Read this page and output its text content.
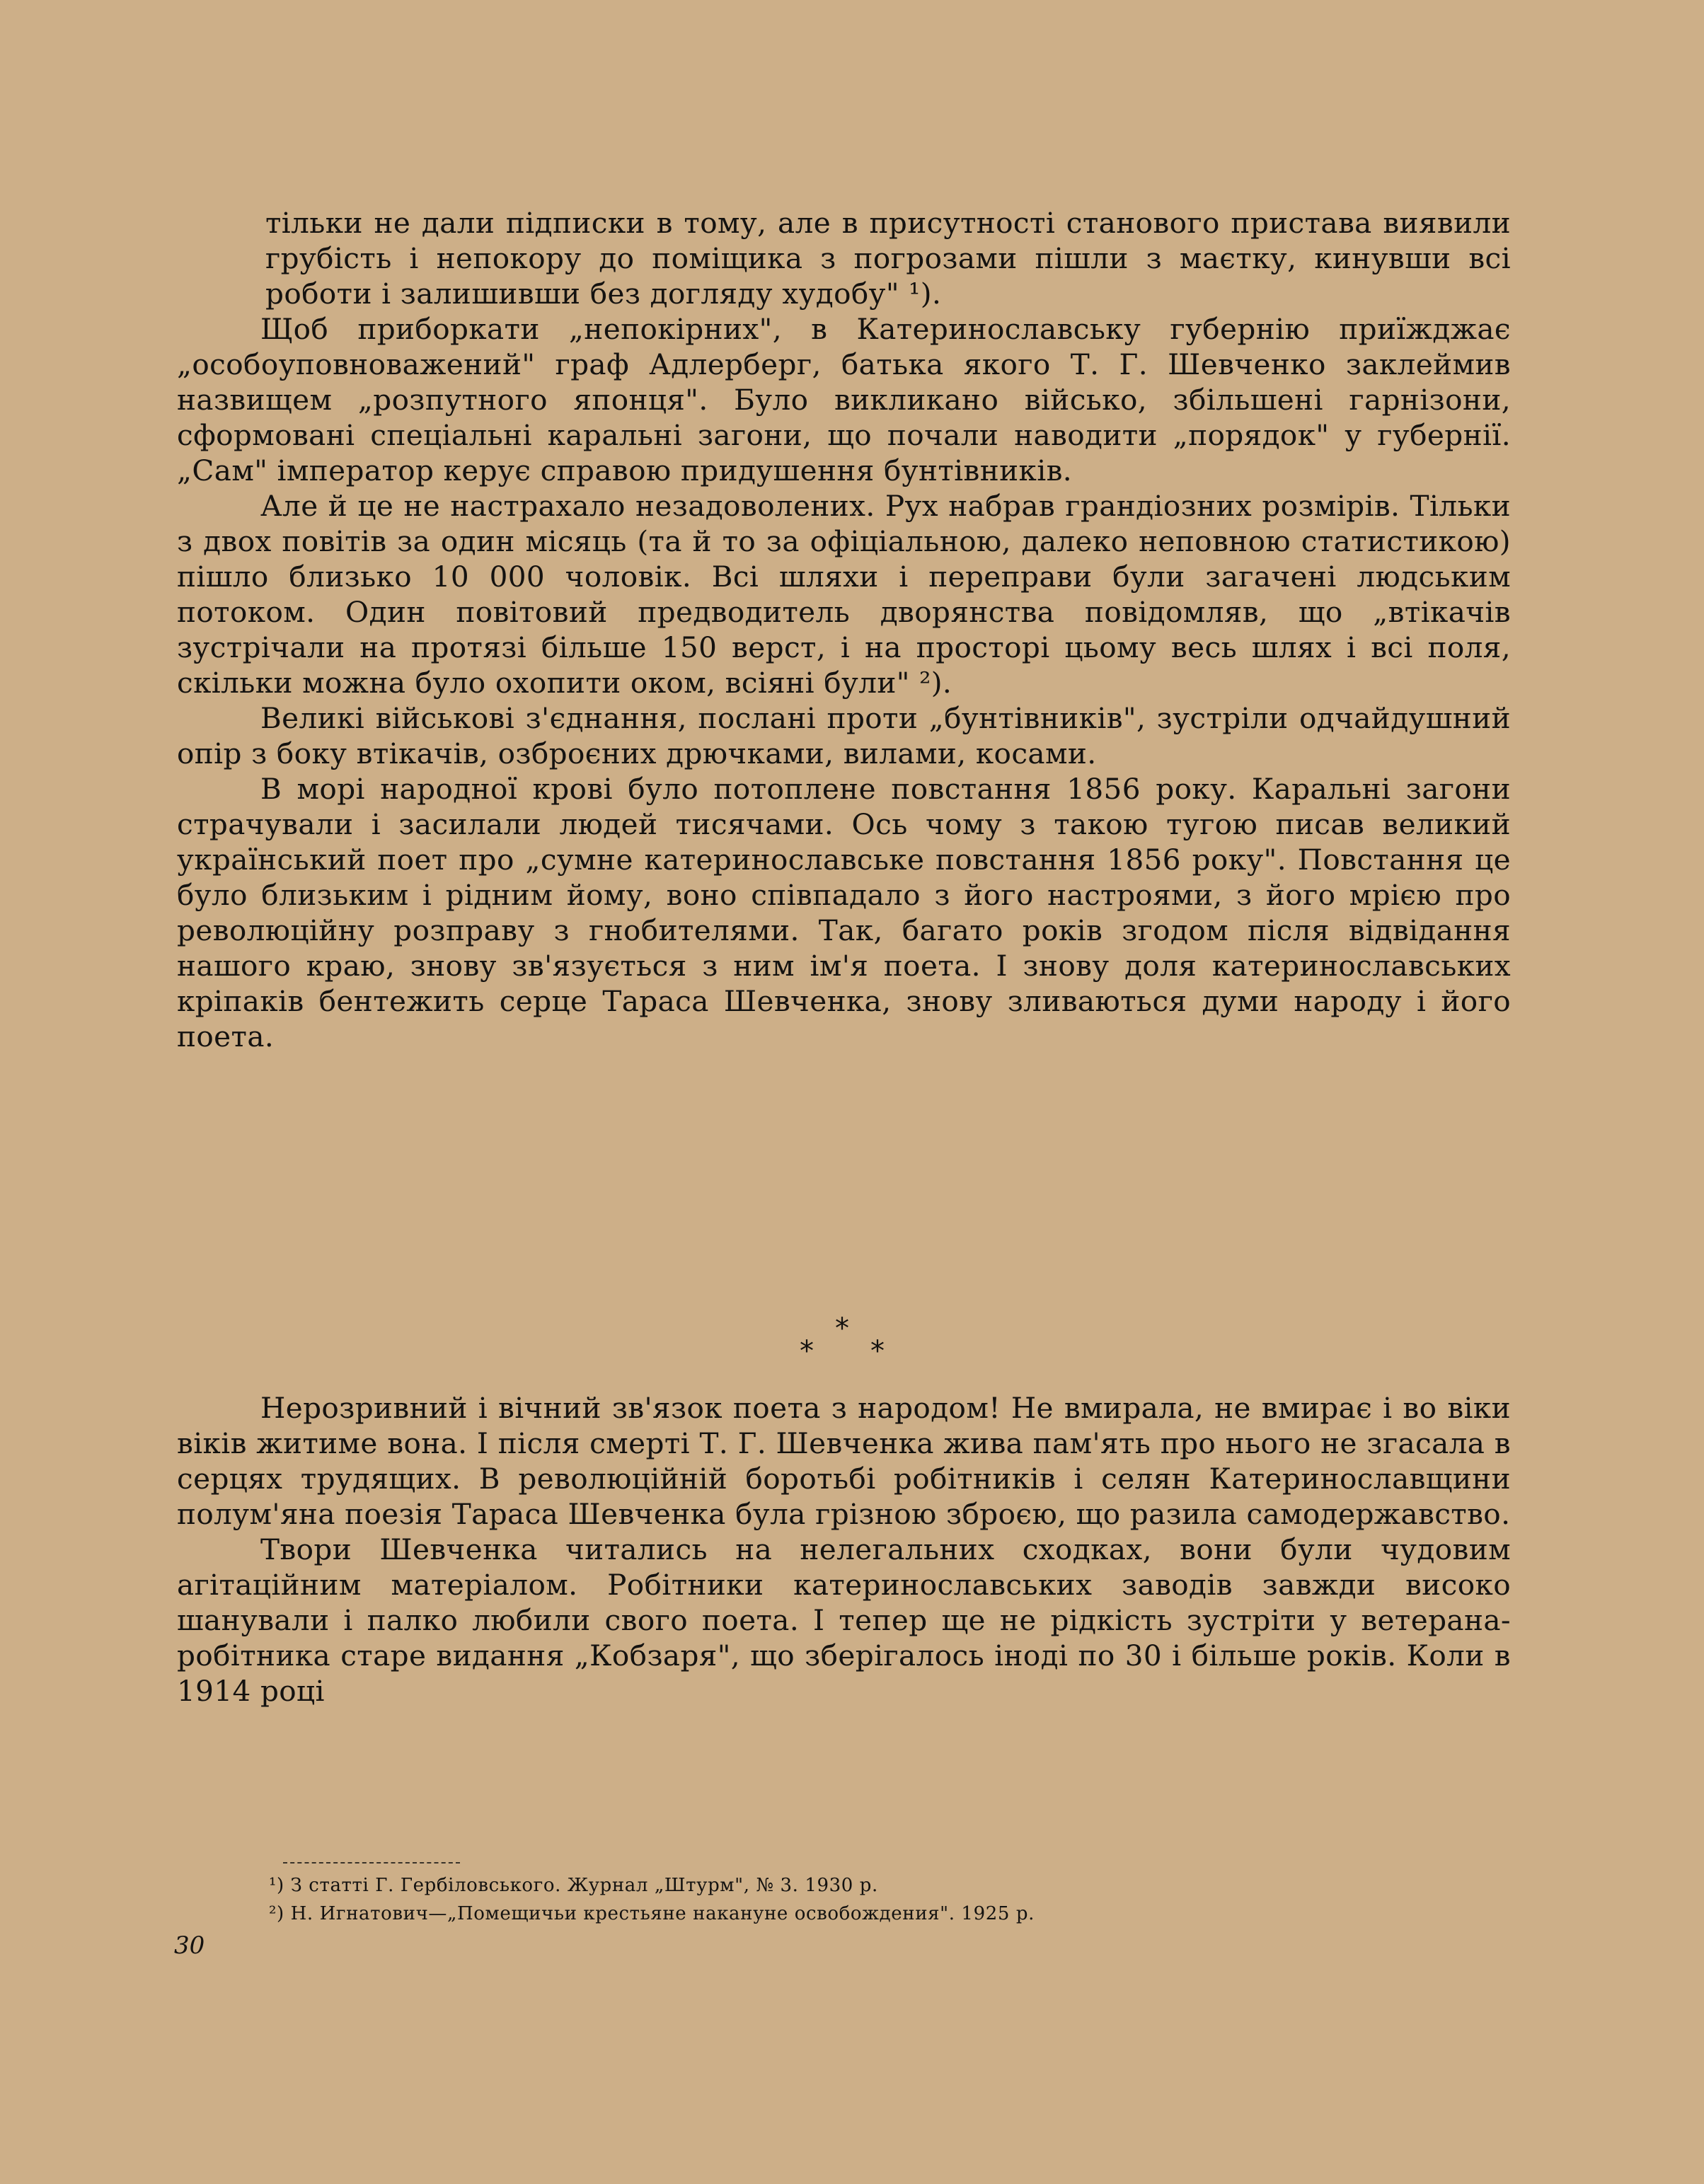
тільки не дали підписки в тому, але в присутності станового пристава виявили грубість і непокору до поміщика з погрозами пішли з маєтку, кинувши всі роботи і залишивши без догляду худобу" ¹).

Щоб приборкати „непокірних", в Катеринославську губернію приїжджає „особоуповноважений" граф Адлерберг, батька якого Т. Г. Шевченко заклеймив назвищем „розпутного японця". Було викликано військо, збільшені гарнізони, сформовані спеціальні каральні загони, що почали наводити „порядок" у губернії. „Сам" імператор керує справою придушення бунтівників.

Але й це не настрахало незадоволених. Рух набрав грандіозних розмірів. Тільки з двох повітів за один місяць (та й то за офіціальною, далеко неповною статистикою) пішло близько 10 000 чоловік. Всі шляхи і переправи були загачені людським потоком. Один повітовий предводитель дворянства повідомляв, що „втікачів зустрічали на протязі більше 150 верст, і на просторі цьому весь шлях і всі поля, скільки можна було охопити оком, всіяні були" ²).

Великі військові з'єднання, послані проти „бунтівників", зустріли одчайдушний опір з боку втікачів, озброєних дрючками, вилами, косами.

В морі народної крові було потоплене повстання 1856 року. Каральні загони страчували і засилали людей тисячами. Ось чому з такою тугою писав великий український поет про „сумне катеринославське повстання 1856 року". Повстання це було близьким і рідним йому, воно співпадало з його настроями, з його мрією про революційну розправу з гнобителями. Так, багато років згодом після відвідання нашого краю, знову зв'язується з ним ім'я поета. І знову доля катеринославських кріпаків бентежить серце Тараса Шевченка, знову зливаються думи народу і його поета.

*
* *

Нерозривний і вічний зв'язок поета з народом! Не вмирала, не вмирає і во віки віків житиме вона. І після смерті Т. Г. Шевченка жива пам'ять про нього не згасала в серцях трудящих. В революційній боротьбі робітників і селян Катеринославщини полум'яна поезія Тараса Шевченка була грізною зброєю, що разила самодержавство.

Твори Шевченка читались на нелегальних сходках, вони були чудовим агітаційним матеріалом. Робітники катеринославських заводів завжди високо шанували і палко любили свого поета. І тепер ще не рідкість зустріти у ветерана-робітника старе видання „Кобзаря", що зберігалось іноді по 30 і більше років. Коли в 1914 році

¹) З статті Г. Гербіловського. Журнал „Штурм", № 3. 1930 р.
²) Н. Игнатович—„Помещичьи крестьяне накануне освобождения". 1925 р.
30
